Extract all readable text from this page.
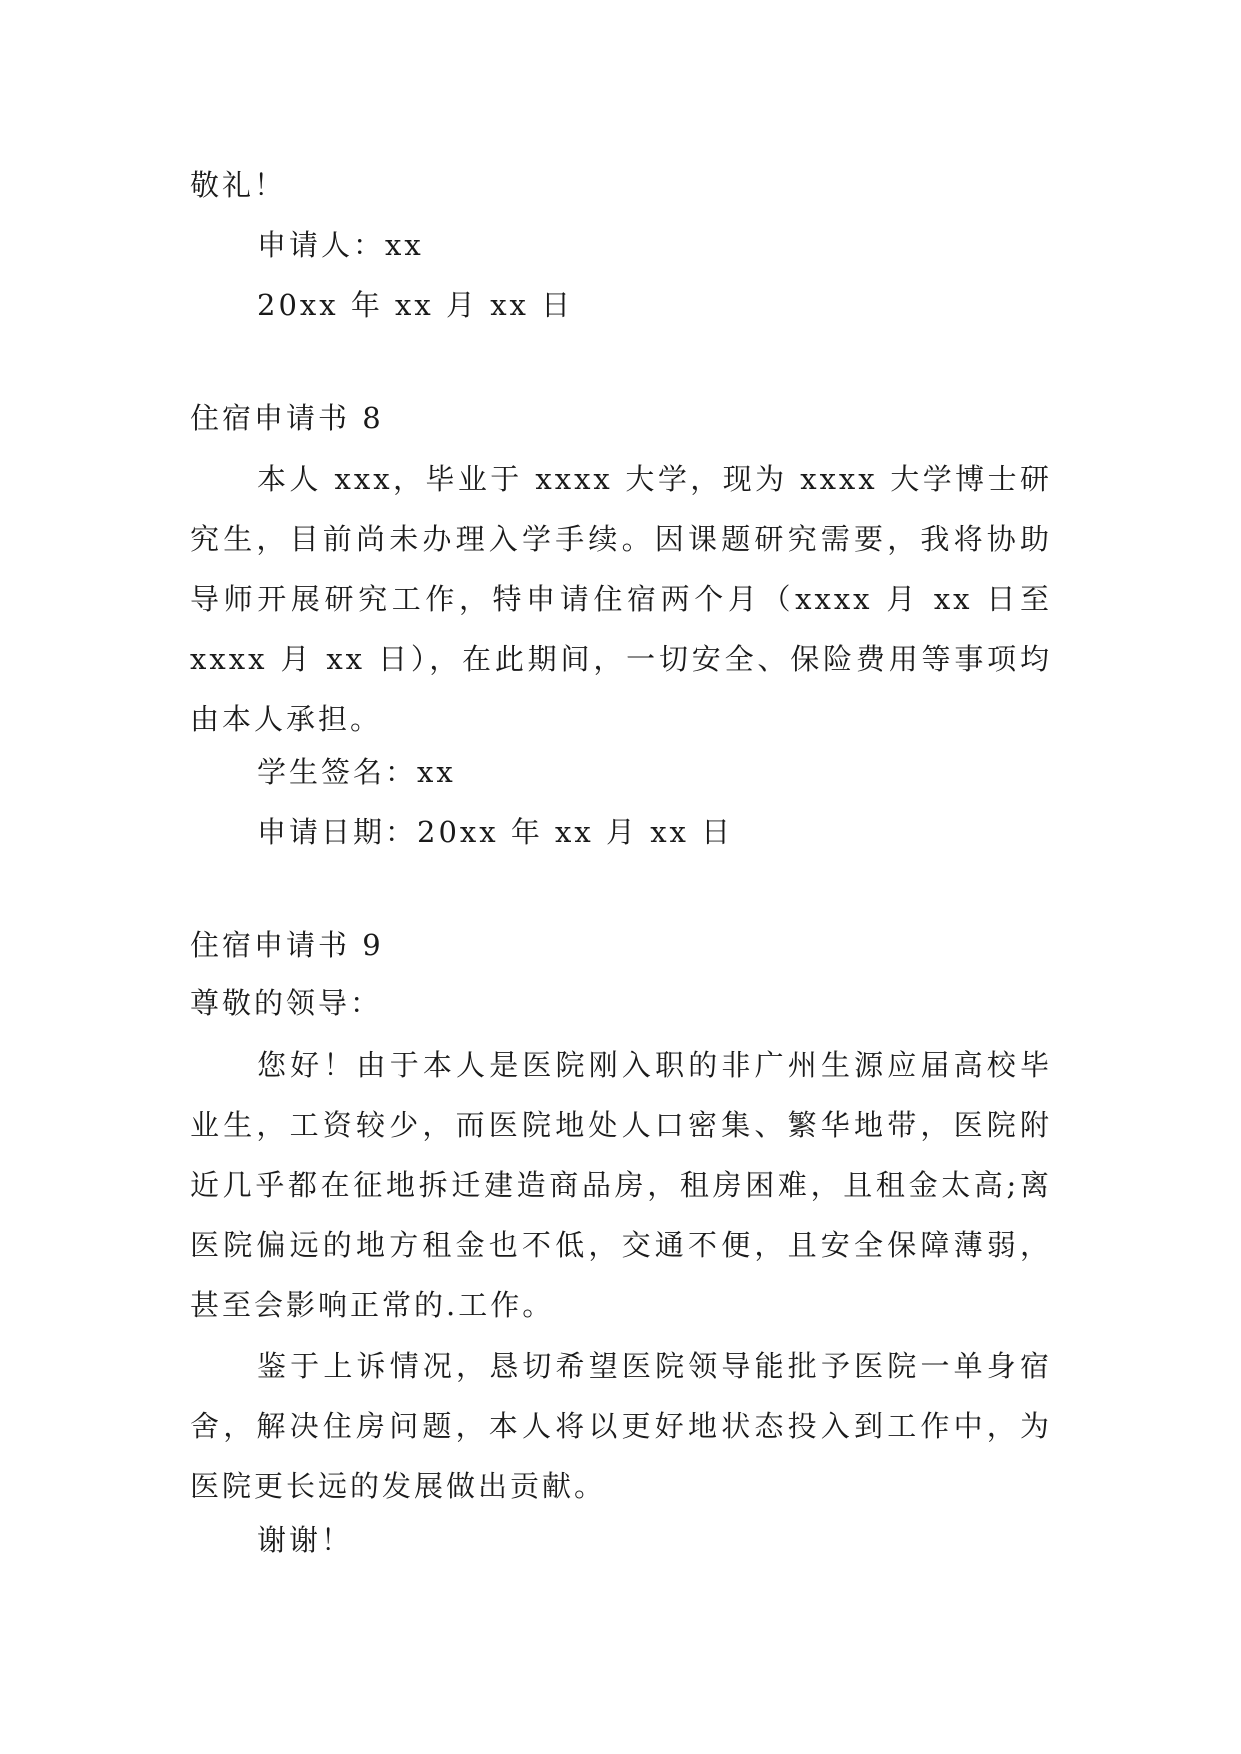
敬礼！
申请人：xx
20xx 年 xx 月 xx 日
住宿申请书 8
本人 xxx，毕业于 xxxx 大学，现为 xxxx 大学博士研究生，目前尚未办理入学手续。因课题研究需要，我将协助导师开展研究工作，特申请住宿两个月（xxxx 月 xx 日至 xxxx 月 xx 日），在此期间，一切安全、保险费用等事项均由本人承担。
学生签名：xx
申请日期：20xx 年 xx 月 xx 日
住宿申请书 9
尊敬的领导：
您好！由于本人是医院刚入职的非广州生源应届高校毕业生，工资较少，而医院地处人口密集、繁华地带，医院附近几乎都在征地拆迁建造商品房，租房困难，且租金太高;离医院偏远的地方租金也不低，交通不便，且安全保障薄弱，甚至会影响正常的.工作。
鉴于上诉情况，恳切希望医院领导能批予医院一单身宿舍，解决住房问题，本人将以更好地状态投入到工作中，为医院更长远的发展做出贡献。
谢谢！
